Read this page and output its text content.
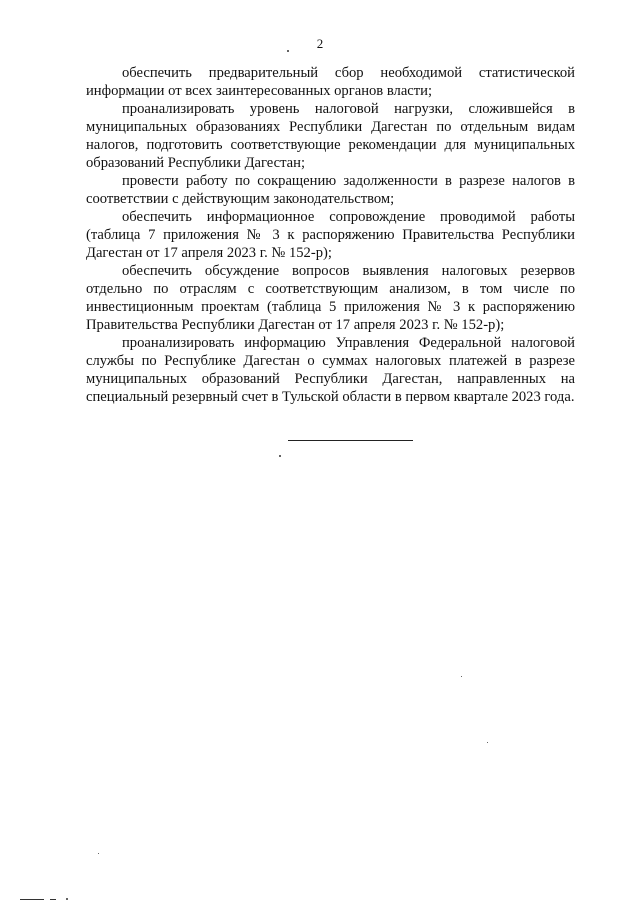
2

обеспечить предварительный сбор необходимой статистической информации от всех заинтересованных органов власти;

проанализировать уровень налоговой нагрузки, сложившейся в муниципальных образованиях Республики Дагестан по отдельным видам налогов, подготовить соответствующие рекомендации для муниципальных образований Республики Дагестан;

провести работу по сокращению задолженности в разрезе налогов в соответствии с действующим законодательством;

обеспечить информационное сопровождение проводимой работы (таблица 7 приложения № 3 к распоряжению Правительства Республики Дагестан от 17 апреля 2023 г. № 152-р);

обеспечить обсуждение вопросов выявления налоговых резервов отдельно по отраслям с соответствующим анализом, в том числе по инвестиционным проектам (таблица 5 приложения № 3 к распоряжению Правительства Республики Дагестан от 17 апреля 2023 г. № 152-р);

проанализировать информацию Управления Федеральной налоговой службы по Республике Дагестан о суммах налоговых платежей в разрезе муниципальных образований Республики Дагестан, направленных на специальный резервный счет в Тульской области в первом квартале 2023 года.
